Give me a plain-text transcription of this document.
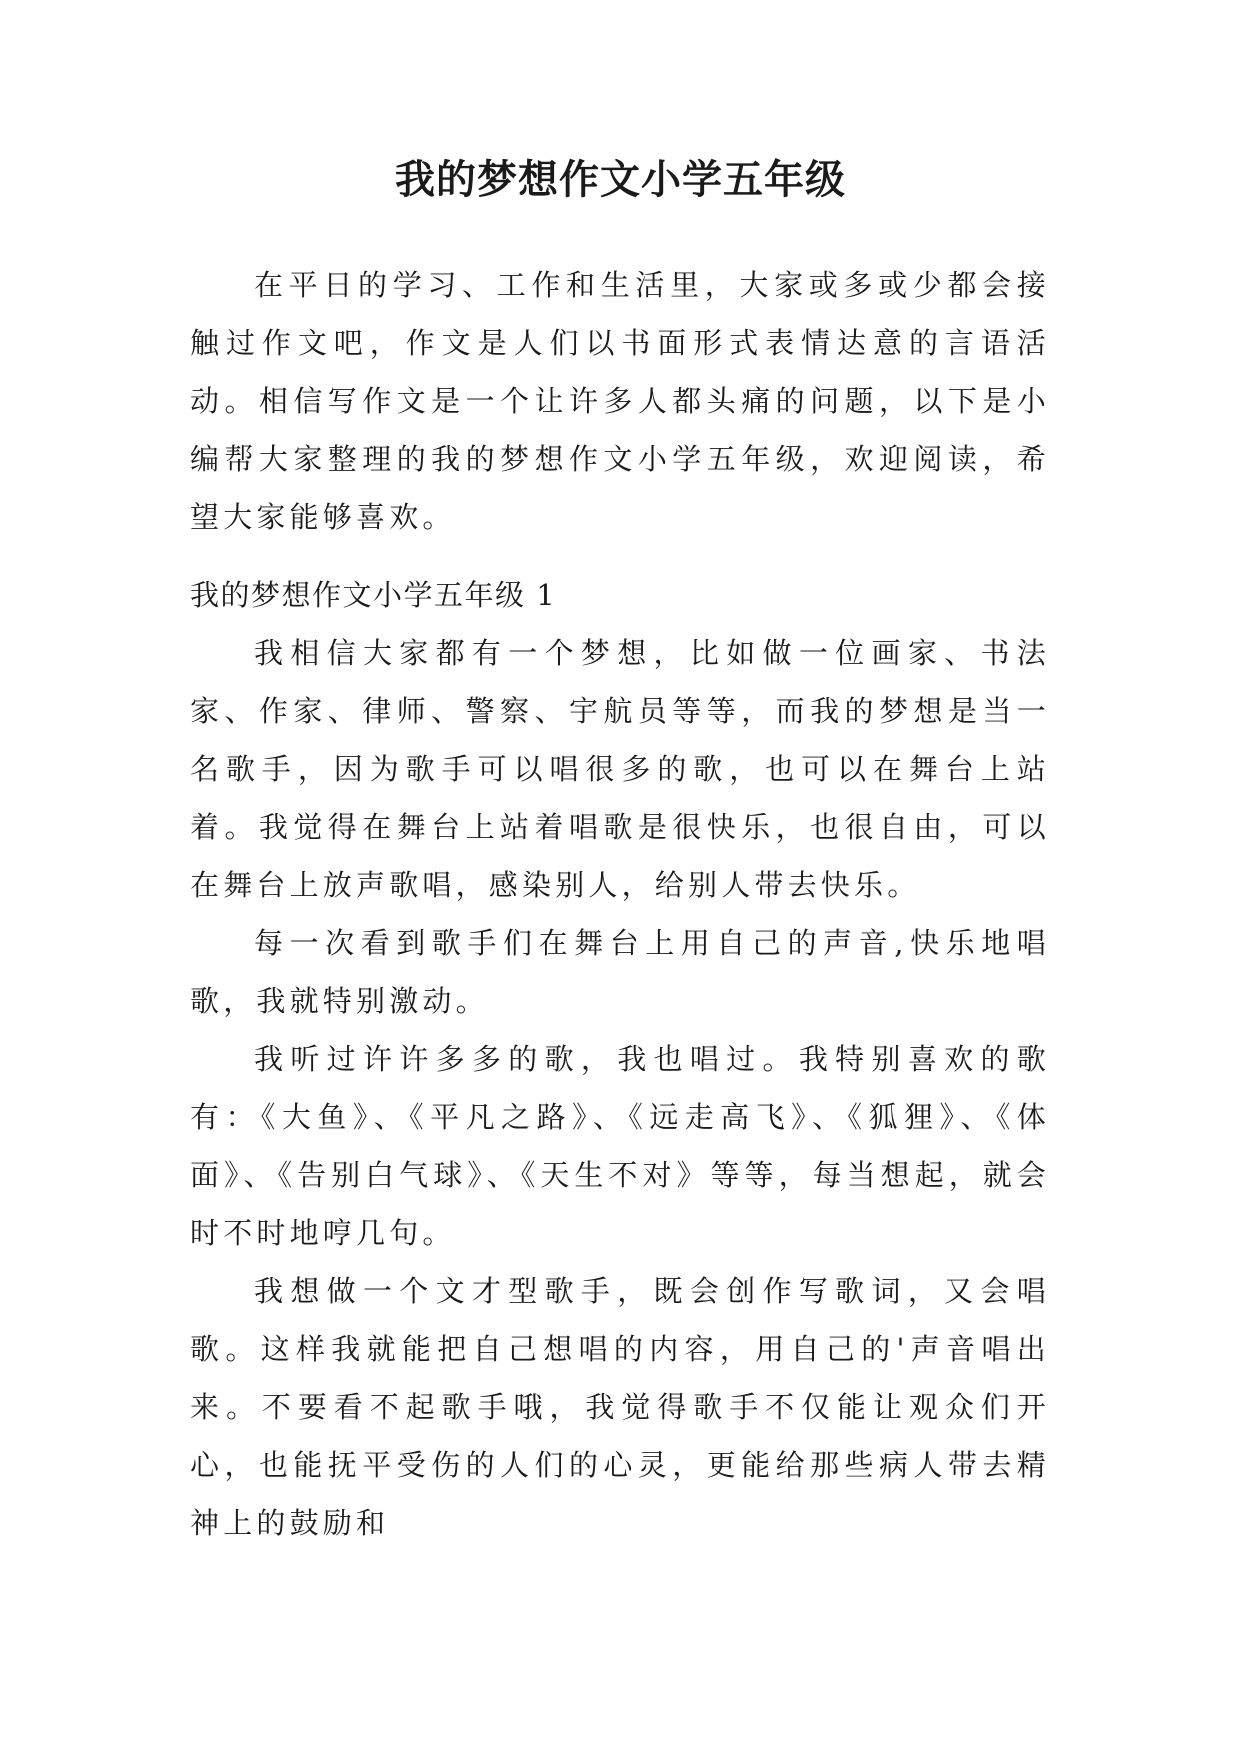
我的梦想作文小学五年级

在平日的学习、工作和生活里，大家或多或少都会接触过作文吧，作文是人们以书面形式表情达意的言语活动。相信写作文是一个让许多人都头痛的问题，以下是小编帮大家整理的我的梦想作文小学五年级，欢迎阅读，希望大家能够喜欢。

我的梦想作文小学五年级 1

我相信大家都有一个梦想，比如做一位画家、书法家、作家、律师、警察、宇航员等等，而我的梦想是当一名歌手，因为歌手可以唱很多的歌，也可以在舞台上站着。我觉得在舞台上站着唱歌是很快乐，也很自由，可以在舞台上放声歌唱，感染别人，给别人带去快乐。

每一次看到歌手们在舞台上用自己的声音,快乐地唱歌，我就特别激动。

我听过许许多多的歌，我也唱过。我特别喜欢的歌有：《大鱼》、《平凡之路》、《远走高飞》、《狐狸》、《体面》、《告别白气球》、《天生不对》等等，每当想起，就会时不时地哼几句。

我想做一个文才型歌手，既会创作写歌词，又会唱歌。这样我就能把自己想唱的内容，用自己的'声音唱出来。不要看不起歌手哦，我觉得歌手不仅能让观众们开心，也能抚平受伤的人们的心灵，更能给那些病人带去精神上的鼓励和
